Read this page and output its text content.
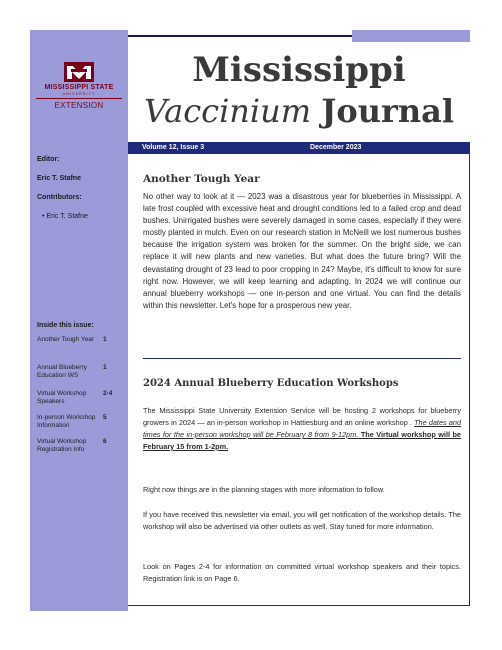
MISSISSIPPI STATE
UNIVERSITY
EXTENSION
Editor:
Eric T. Stafne
Contributors:
• Eric T. Stafne
Inside this issue:
Another Tough Year 1
Annual Blueberry Education WS
1
Virtual Workshop Speakers
2-4
In-person Workshop Information
5
Virtual Workshop Registration Info
6
Mississippi
Vaccinium Journal
Volume 12, Issue 3	December 2023
Another Tough Year
No other way to look at it — 2023 was a disastrous year for blueberries in Mississippi. A late frost coupled with excessive heat and drought conditions led to a failed crop and dead bushes. Unirrigated bushes were severely damaged in some cases, especially if they were mostly planted in mulch. Even on our research station in McNeill we lost numerous bushes because the irrigation system was broken for the summer. On the bright side, we can replace it will new plants and new varieties. But what does the future bring? Will the devastating drought of 23 lead to poor cropping in 24? Maybe, it's difficult to know for sure right now. However, we will keep learning and adapting. In 2024 we will continue our annual blueberry workshops — one in-person and one virtual. You can find the details within this newsletter. Let's hope for a prosperous new year.
2024 Annual Blueberry Education Workshops
The Mississippi State University Extension Service will be hosting 2 workshops for blueberry growers in 2024 — an in-person workshop in Hattiesburg and an online workshop . The dates and times for the in-person workshop will be February 8 from 9-12pm. The Virtual workshop will be February 15 from 1-2pm.
Right now things are in the planning stages with more information to follow.
If you have received this newsletter via email, you will get notification of the workshop details. The workshop will also be advertised via other outlets as well. Stay tuned for more information.
Look on Pages 2-4 for information on committed virtual workshop speakers and their topics. Registration link is on Page 6.
